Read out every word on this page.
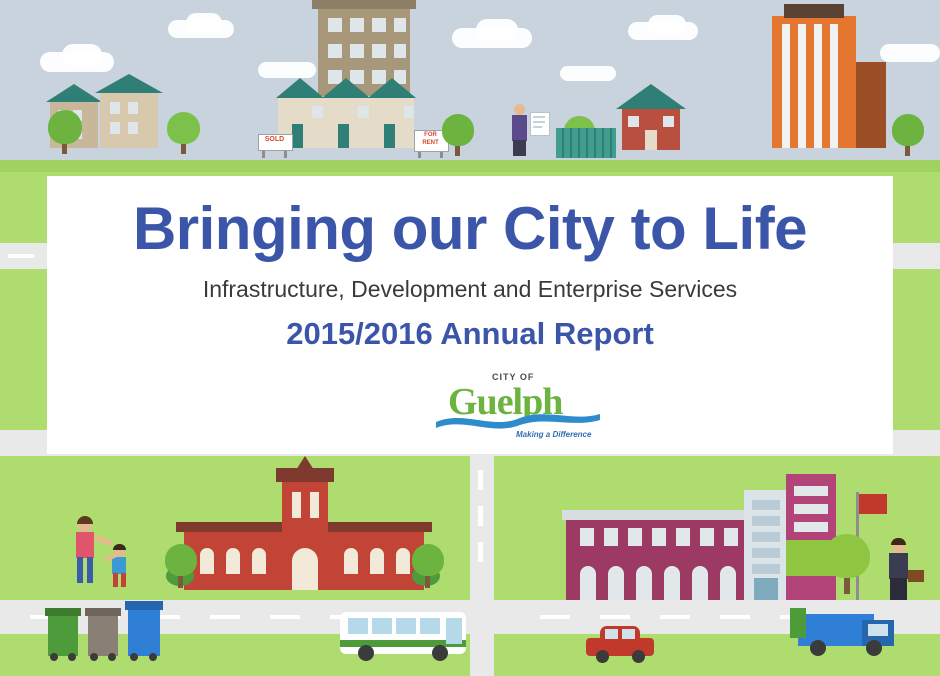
SOLD
FOR
RENT
Bringing our City to Life
Infrastructure, Development and Enterprise Services
2015/2016 Annual Report
CITY OF
Guelph
Making a Difference
